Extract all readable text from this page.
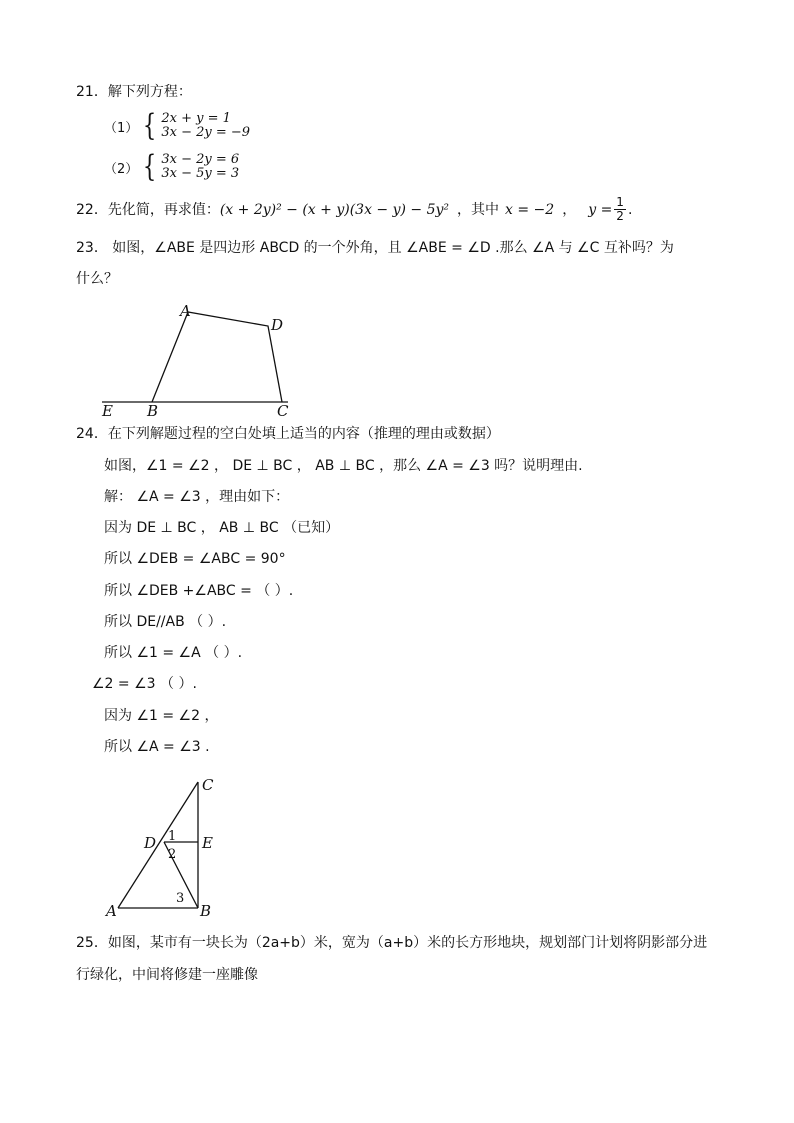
21．解下列方程：
（1） { 2x + y = 1
3x − 2y = −9
（2） { 3x − 2y = 6
3x − 5y = 3
22．先化简，再求值： (x + 2y)² − (x + y)(3x − y) − 5y² ，其中 x = −2 ， $y = \frac{1}{2}$ .
23． 如图，∠ABE 是四边形 ABCD 的一个外角，且 ∠ABE = ∠D .那么 ∠A 与 ∠C 互补吗？为
什么？
A
D
E B	C
24．在下列解题过程的空白处填上适当的内容（推理的理由或数据）
如图，∠1 = ∠2 ， DE ⊥ BC ， AB ⊥ BC ，那么 ∠A = ∠3 吗？说明理由.
解： ∠A = ∠3 ，理由如下：
因为 DE ⊥ BC ， AB ⊥ BC （已知）
所以 ∠DEB = ∠ABC = 90°
所以 ∠DEB +∠ABC = （ ）.
所以 DE//AB （ ）.
所以 ∠1 = ∠A （ ）.
∠2 = ∠3 （ ）.
因为 ∠1 = ∠2 ，
所以 ∠A = ∠3 .
C
D	E
A	B
1
2
3
25．如图，某市有一块长为（2a+b）米，宽为（a+b）米的长方形地块，规划部门计划将阴影部分进
行绿化，中间将修建一座雕像
